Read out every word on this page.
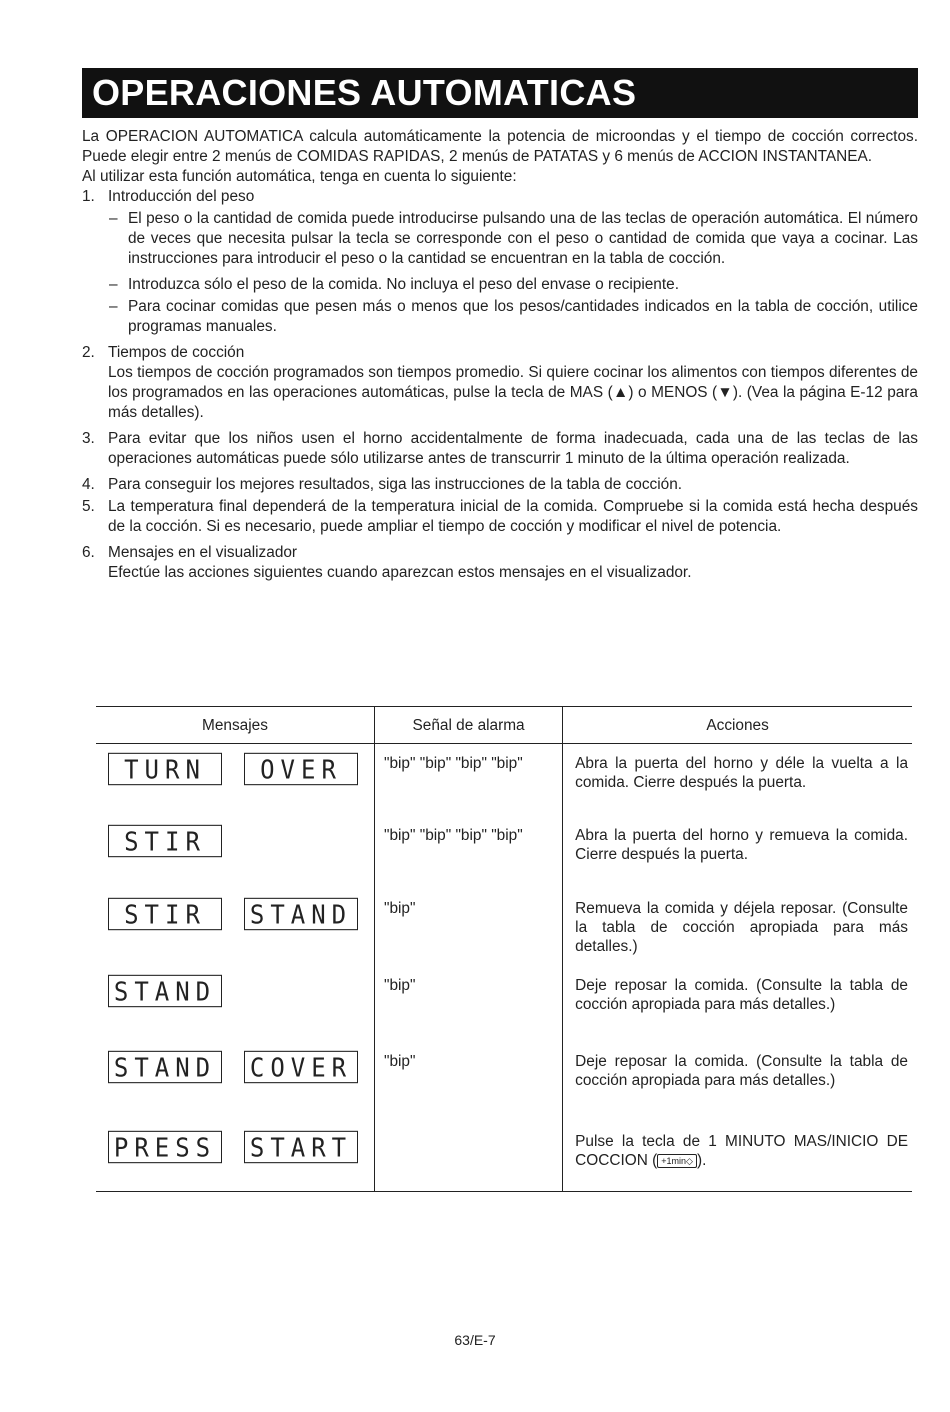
OPERACIONES AUTOMATICAS

La OPERACION AUTOMATICA calcula automáticamente la potencia de microondas y el tiempo de cocción correctos. Puede elegir entre 2 menús de COMIDAS RAPIDAS, 2 menús de PATATAS y 6 menús de ACCION INSTANTANEA.

Al utilizar esta función automática, tenga en cuenta lo siguiente:

1. Introducción del peso

– El peso o la cantidad de comida puede introducirse pulsando una de las teclas de operación automática. El número de veces que necesita pulsar la tecla se corresponde con el peso o cantidad de comida que vaya a cocinar. Las instrucciones para introducir el peso o la cantidad se encuentran en la tabla de cocción.

– Introduzca sólo el peso de la comida. No incluya el peso del envase o recipiente.

– Para cocinar comidas que pesen más o menos que los pesos/cantidades indicados en la tabla de cocción, utilice programas manuales.

2. Tiempos de cocción

Los tiempos de cocción programados son tiempos promedio. Si quiere cocinar los alimentos con tiempos diferentes de los programados en las operaciones automáticas, pulse la tecla de MAS (▲) o MENOS (▼). (Vea la página E-12 para más detalles).

3. Para evitar que los niños usen el horno accidentalmente de forma inadecuada, cada una de las teclas de las operaciones automáticas puede sólo utilizarse antes de transcurrir 1 minuto de la última operación realizada.

4. Para conseguir los mejores resultados, siga las instrucciones de la tabla de cocción.

5. La temperatura final dependerá de la temperatura inicial de la comida. Compruebe si la comida está hecha después de la cocción. Si es necesario, puede ampliar el tiempo de cocción y modificar el nivel de potencia.

6. Mensajes en el visualizador

Efectúe las acciones siguientes cuando aparezcan estos mensajes en el visualizador.

Mensajes	Señal de alarma	Acciones
TURN OVER	"bip" "bip" "bip" "bip"	Abra la puerta del horno y déle la vuelta a la comida. Cierre después la puerta.
STIR	"bip" "bip" "bip" "bip"	Abra la puerta del horno y remueva la comida. Cierre después la puerta.
STIR STAND	"bip"	Remueva la comida y déjela reposar. (Consulte la tabla de cocción apropiada para más detalles.)
STAND	"bip"	Deje reposar la comida. (Consulte la tabla de cocción apropiada para más detalles.)
STAND COVER	"bip"	Deje reposar la comida. (Consulte la tabla de cocción apropiada para más detalles.)
PRESS START		Pulse la tecla de 1 MINUTO MAS/INICIO DE COCCION ( +1min◇ ).
63/E-7
